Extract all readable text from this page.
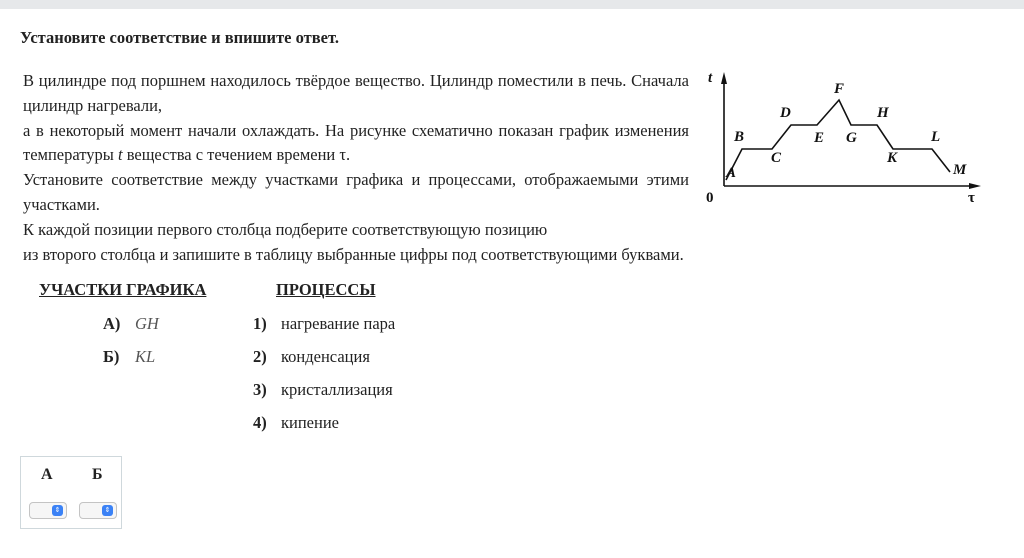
Установите соответствие и впишите ответ.

В цилиндре под поршнем находилось твёрдое вещество. Цилиндр поместили в печь. Сначала цилиндр нагревали,

а в некоторый момент начали охлаждать. На рисунке схематично показан график изменения температуры t вещества с течением времени τ.

Установите соответствие между участками графика и процессами, отображаемыми этими участками.

К каждой позиции первого столбца подберите соответствующую позицию

из второго столбца и запишите в таблицу выбранные цифры под соответствующими буквами.

t
A
B
C
D
E
F
G
H
K
L
M
0	τ
УЧАСТКИ ГРАФИКА	ПРОЦЕССЫ
А) GH
Б) KL
1) нагревание пара
2) конденсация
3) кристаллизация
4) кипение
А Б
⇕	⇕
